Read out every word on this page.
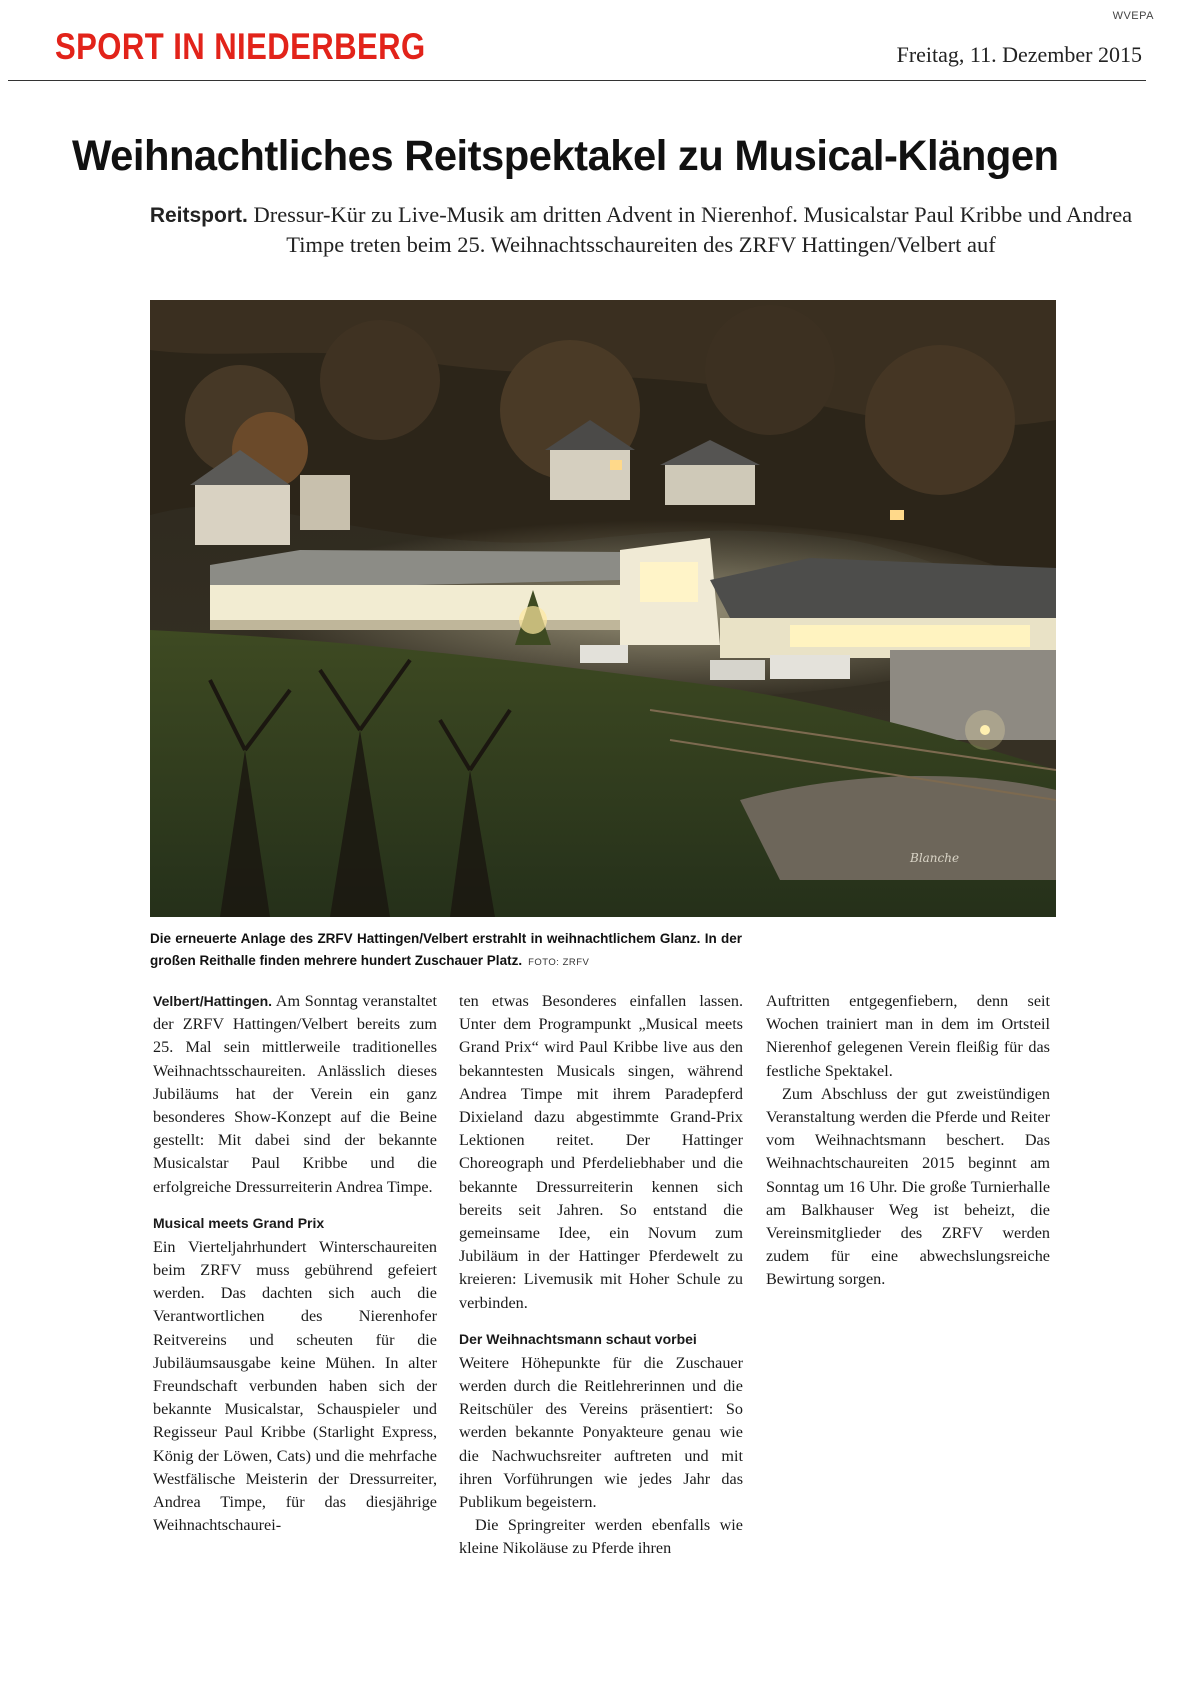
WVEPA
SPORT IN NIEDERBERG	Freitag, 11. Dezember 2015
Weihnachtliches Reitspektakel zu Musical-Klängen
Reitsport. Dressur-Kür zu Live-Musik am dritten Advent in Nierenhof. Musicalstar Paul Kribbe und Andrea Timpe treten beim 25. Weihnachtsschaureiten des ZRFV Hattingen/Velbert auf
Blanche
Die erneuerte Anlage des ZRFV Hattingen/Velbert erstrahlt in weihnachtlichem Glanz. In der großen Reithalle finden mehrere hundert Zuschauer Platz. FOTO: ZRFV

Velbert/Hattingen. Am Sonntag veranstaltet der ZRFV Hattingen/Velbert bereits zum 25. Mal sein mittlerweile traditionelles Weihnachtsschaureiten. Anlässlich dieses Jubiläums hat der Verein ein ganz besonderes Show-Konzept auf die Beine gestellt: Mit dabei sind der bekannte Musicalstar Paul Kribbe und die erfolgreiche Dressurreiterin Andrea Timpe.

Musical meets Grand Prix

Ein Vierteljahrhundert Winterschaureiten beim ZRFV muss gebührend gefeiert werden. Das dachten sich auch die Verantwortlichen des Nierenhofer Reitvereins und scheuten für die Jubiläumsausgabe keine Mühen. In alter Freundschaft verbunden haben sich der bekannte Musicalstar, Schauspieler und Regisseur Paul Kribbe (Starlight Express, König der Löwen, Cats) und die mehrfache Westfälische Meisterin der Dressurreiter, Andrea Timpe, für das diesjährige Weihnachtschaurei-

ten etwas Besonderes einfallen lassen. Unter dem Programpunkt „Musical meets Grand Prix“ wird Paul Kribbe live aus den bekanntesten Musicals singen, während Andrea Timpe mit ihrem Paradepferd Dixieland dazu abgestimmte Grand-Prix Lektionen reitet. Der Hattinger Choreograph und Pferdeliebhaber und die bekannte Dressurreiterin kennen sich bereits seit Jahren. So entstand die gemeinsame Idee, ein Novum zum Jubiläum in der Hattinger Pferdewelt zu kreieren: Livemusik mit Hoher Schule zu verbinden.

Der Weihnachtsmann schaut vorbei

Weitere Höhepunkte für die Zuschauer werden durch die Reitlehrerinnen und die Reitschüler des Vereins präsentiert: So werden bekannte Ponyakteure genau wie die Nachwuchsreiter auftreten und mit ihren Vorführungen wie jedes Jahr das Publikum begeistern.

Die Springreiter werden ebenfalls wie kleine Nikoläuse zu Pferde ihren

Auftritten entgegenfiebern, denn seit Wochen trainiert man in dem im Ortsteil Nierenhof gelegenen Verein fleißig für das festliche Spektakel.

Zum Abschluss der gut zweistündigen Veranstaltung werden die Pferde und Reiter vom Weihnachtsmann beschert. Das Weihnachtschaureiten 2015 beginnt am Sonntag um 16 Uhr. Die große Turnierhalle am Balkhauser Weg ist beheizt, die Vereinsmitglieder des ZRFV werden zudem für eine abwechslungsreiche Bewirtung sorgen.
